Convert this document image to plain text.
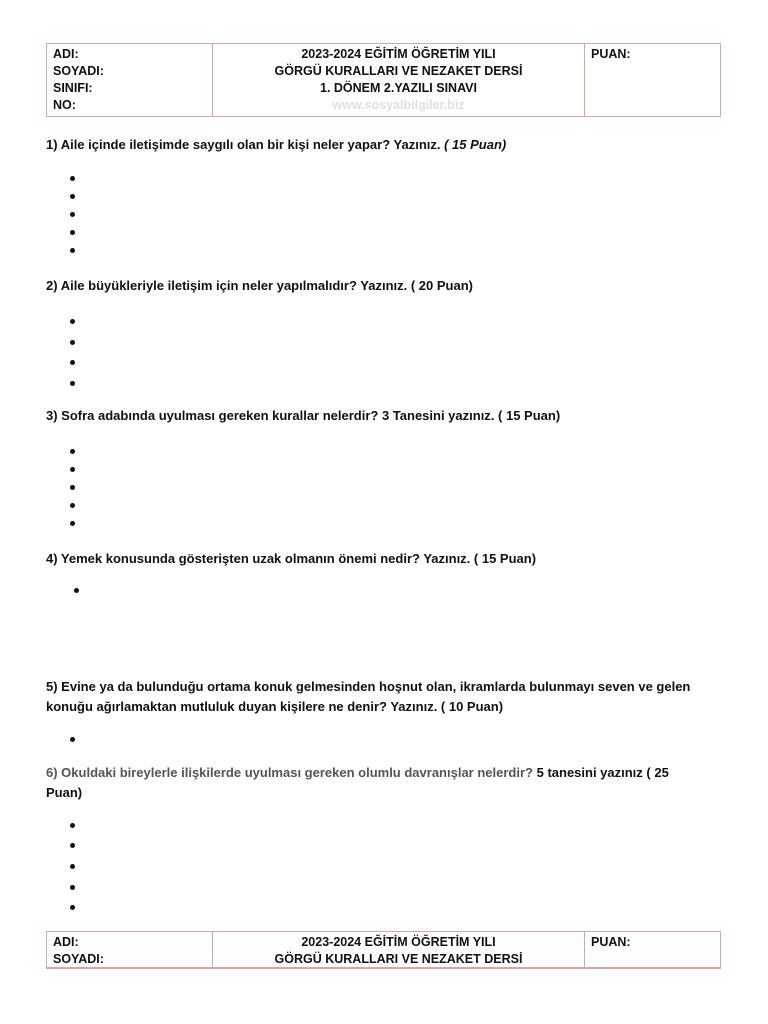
ADI:
SOYADI:
SINIFI:
NO:
2023-2024 EĞİTİM ÖĞRETİM YILI
GÖRGÜ KURALLARI VE NEZAKET DERSİ
1. DÖNEM 2.YAZILI SINAVI
www.sosyalbilgiler.biz
PUAN:
1) Aile içinde iletişimde saygılı olan bir kişi neler yapar? Yazınız. ( 15 Puan)
2) Aile büyükleriyle iletişim için neler yapılmalıdır? Yazınız. ( 20 Puan)
3) Sofra adabında uyulması gereken kurallar nelerdir? 3 Tanesini yazınız. ( 15 Puan)
4) Yemek konusunda gösterişten uzak olmanın önemi nedir? Yazınız. ( 15 Puan)
5) Evine ya da bulunduğu ortama konuk gelmesinden hoşnut olan, ikramlarda bulunmayı seven ve gelen
konuğu ağırlamaktan mutluluk duyan kişilere ne denir? Yazınız. ( 10 Puan)
6) Okuldaki bireylerle ilişkilerde uyulması gereken olumlu davranışlar nelerdir? 5 tanesini yazınız ( 25
Puan)
ADI:
SOYADI:
2023-2024 EĞİTİM ÖĞRETİM YILI
GÖRGÜ KURALLARI VE NEZAKET DERSİ
PUAN:
